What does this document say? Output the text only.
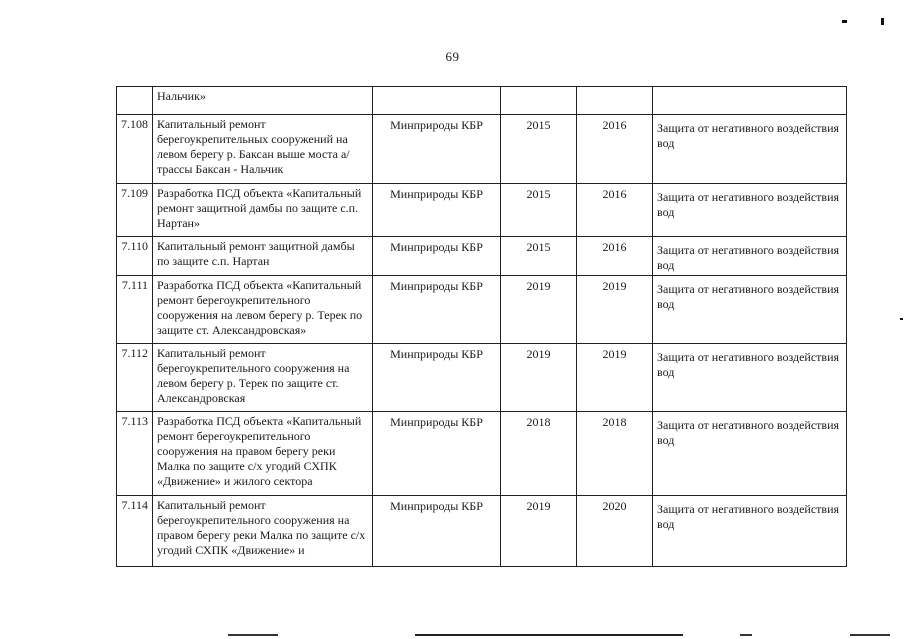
69
	Нальчик»				
7.108	Капитальный ремонт берегоукрепительных сооружений на левом берегу р. Баксан выше моста а/трассы Баксан - Нальчик	Минприроды КБР	2015	2016	Защита от негативного воздействия вод

7.109	Разработка ПСД объекта «Капитальный ремонт защитной дамбы по защите с.п. Нартан»	Минприроды КБР	2015	2016	Защита от негативного воздействия вод

7.110	Капитальный ремонт защитной дамбы по защите с.п. Нартан	Минприроды КБР	2015	2016	Защита от негативного воздействия вод

7.111	Разработка ПСД объекта «Капитальный ремонт берегоукрепительного сооружения на левом берегу р. Терек по защите ст. Александровская»	Минприроды КБР	2019	2019	Защита от негативного воздействия вод

7.112	Капитальный ремонт берегоукрепительного сооружения на левом берегу р. Терек по защите ст. Александровская	Минприроды КБР	2019	2019	Защита от негативного воздействия вод

7.113	Разработка ПСД объекта «Капитальный ремонт берегоукрепительного сооружения на правом берегу реки Малка по защите с/х угодий СХПК «Движение» и жилого сектора	Минприроды КБР	2018	2018	Защита от негативного воздействия вод

7.114	Капитальный ремонт берегоукрепительного сооружения на правом берегу реки Малка по защите с/х угодий СХПК «Движение» и	Минприроды КБР	2019	2020	Защита от негативного воздействия вод
